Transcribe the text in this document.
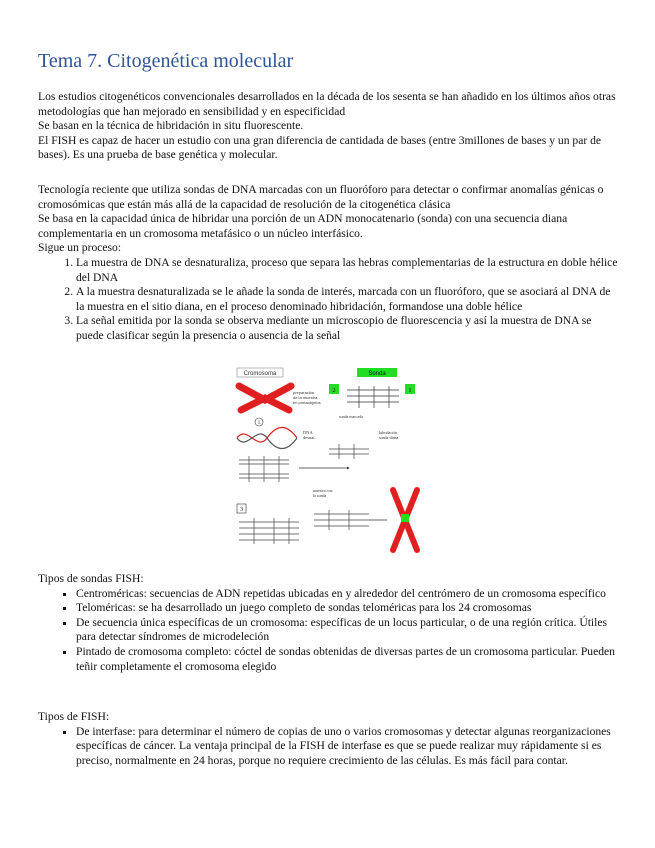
Tema 7. Citogenética molecular

Los estudios citogenéticos convencionales desarrollados en la década de los sesenta se han añadido en los últimos años otras metodologías que han mejorado en sensibilidad y en especificidad

Se basan en la técnica de hibridación in situ fluorescente.

El FISH es capaz de hacer un estudio con una gran diferencia de cantidada de bases (entre 3millones de bases y un par de bases). Es una prueba de base genética y molecular.

Tecnología reciente que utiliza sondas de DNA marcadas con un fluoróforo para detectar o confirmar anomalías génicas o cromosómicas que están más allá de la capacidad de resolución de la citogenética clásica

Se basa en la capacidad única de hibridar una porción de un ADN monocatenario (sonda) con una secuencia diana complementaria en un cromosoma metafásico o un núcleo interfásico.

Sigue un proceso:

1. La muestra de DNA se desnaturaliza, proceso que separa las hebras complementarias de la estructura en doble hélice del DNA
2. A la muestra desnaturalizada se le añade la sonda de interés, marcada con un fluoróforo, que se asociará al DNA de la muestra en el sitio diana, en el proceso denominado hibridación, formandose una doble hélice
3. La señal emitida por la sonda se observa mediante un microscopio de fluorescencia y así la muestra de DNA se puede clasificar según la presencia o ausencia de la señal
Cromosoma	Sonda
preparación
de la muestra
en portaobjetos
1
DNA
desnat.
2	1
sonda marcada
hibridación
sonda-diana
muestra con
la sonda
3

Tipos de sondas FISH:

▪ Centroméricas: secuencias de ADN repetidas ubicadas en y alrededor del centrómero de un cromosoma específico
▪ Teloméricas: se ha desarrollado un juego completo de sondas teloméricas para los 24 cromosomas
▪ De secuencia única específicas de un cromosoma: específicas de un locus particular, o de una región crítica. Útiles para detectar síndromes de microdeleción
▪ Pintado de cromosoma completo: cóctel de sondas obtenidas de diversas partes de un cromosoma particular. Pueden teñir completamente el cromosoma elegido

Tipos de FISH:

▪ De interfase: para determinar el número de copias de uno o varios cromosomas y detectar algunas reorganizaciones específicas de cáncer. La ventaja principal de la FISH de interfase es que se puede realizar muy rápidamente si es preciso, normalmente en 24 horas, porque no requiere crecimiento de las células. Es más fácil para contar.
